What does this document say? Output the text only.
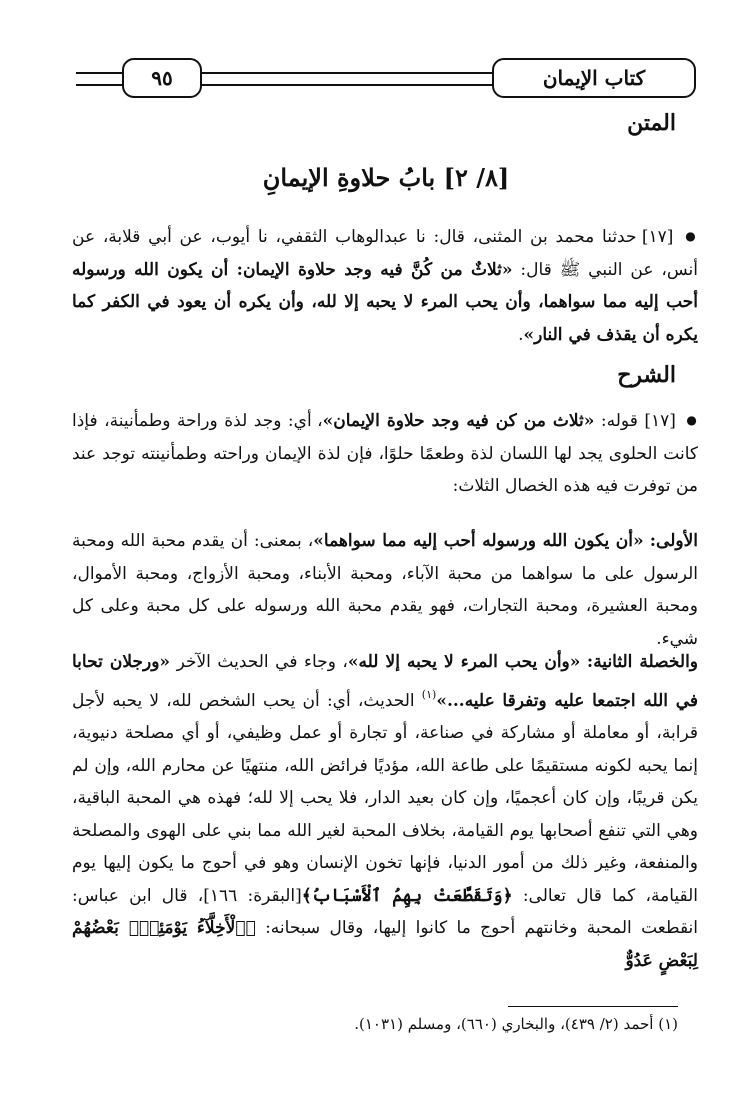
كتاب الإيمان
٩٥
المتن
[٨/ ٢] بابُ حلاوةِ الإيمانِ

● [١٧] حدثنا محمد بن المثنى، قال: نا عبدالوهاب الثقفي، نا أيوب، عن أبي قلابة، عن أنس، عن النبي ﷺ قال: «ثلاثٌ من كُنَّ فيه وجد حلاوة الإيمان: أن يكون الله ورسوله أحب إليه مما سواهما، وأن يحب المرء لا يحبه إلا لله، وأن يكره أن يعود في الكفر كما يكره أن يقذف في النار».

الشرح

● [١٧] قوله: «ثلاث من كن فيه وجد حلاوة الإيمان»، أي: وجد لذة وراحة وطمأنينة، فإذا كانت الحلوى يجد لها اللسان لذة وطعمًا حلوًا، فإن لذة الإيمان وراحته وطمأنينته توجد عند من توفرت فيه هذه الخصال الثلاث:

الأولى: «أن يكون الله ورسوله أحب إليه مما سواهما»، بمعنى: أن يقدم محبة الله ومحبة الرسول على ما سواهما من محبة الآباء، ومحبة الأبناء، ومحبة الأزواج، ومحبة الأموال، ومحبة العشيرة، ومحبة التجارات، فهو يقدم محبة الله ورسوله على كل محبة وعلى كل شيء.

والخصلة الثانية: «وأن يحب المرء لا يحبه إلا لله»، وجاء في الحديث الآخر «ورجلان تحابا في الله اجتمعا عليه وتفرقا عليه...»$^{(١)}$ الحديث، أي: أن يحب الشخص لله، لا يحبه لأجل قرابة، أو معاملة أو مشاركة في صناعة، أو تجارة أو عمل وظيفي، أو أي مصلحة دنيوية، إنما يحبه لكونه مستقيمًا على طاعة الله، مؤديًا فرائض الله، منتهيًا عن محارم الله، وإن لم يكن قريبًا، وإن كان أعجميًا، وإن كان بعيد الدار، فلا يحب إلا لله؛ فهذه هي المحبة الباقية، وهي التي تنفع أصحابها يوم القيامة، بخلاف المحبة لغير الله مما بني على الهوى والمصلحة والمنفعة، وغير ذلك من أمور الدنيا، فإنها تخون الإنسان وهو في أحوج ما يكون إليها يوم القيامة، كما قال تعالى: ﴿وَتَقَطَّعَتْ بِهِمُ ٱلْأَسْبَابُ﴾[البقرة: ١٦٦]، قال ابن عباس: انقطعت المحبة وخانتهم أحوج ما كانوا إليها، وقال سبحانه: ﴿ٱلْأَخِلَّآءُ يَوْمَئِذٍۭ بَعْضُهُمْ لِبَعْضٍ عَدُوٌّ

(١) أحمد (٢/ ٤٣٩)، والبخاري (٦٦٠)، ومسلم (١٠٣١).
